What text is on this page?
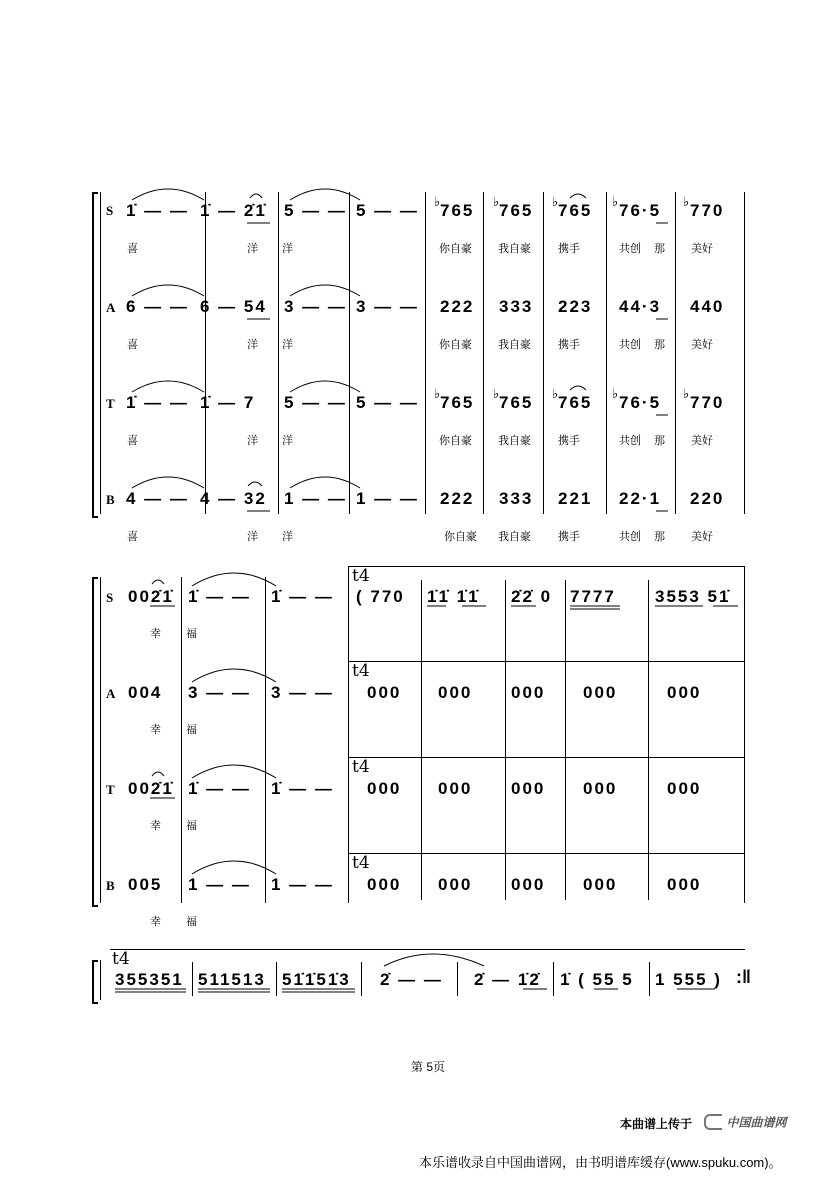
S 1̇ — — 1̇ — 2̇1̇ 5 — — 5 — — ♭ 765 ♭ 765 ♭ 765 ♭ 76·5 ♭ 770
喜	洋 洋	你自豪 我自豪 携手	共创 那 美好
A 6 — — 6 — 54 3 — — 3 — — 222 333 223 44·3 440
喜	洋 洋	你自豪 我自豪 携手	共创 那 美好
T 1̇ — — 1̇ — 7 5 — — 5 — — ♭ 765 ♭ 765 ♭ 765 ♭ 76·5 ♭ 770
喜	洋 洋	你自豪 我自豪 携手	共创 那 美好
B 4 — — 4 — 32 1 — — 1 — — 222 333 221 22·1 220
喜	洋 洋	你自豪 我自豪 携手	共创 那 美好
t4
t4
t4
t4
S 002̇1̇ 1̇ — — 1̇ — — ( 770 1̇1̇ 1̇1̇ 2̇2̇ 0 7777 3553 51̇
幸 福
A 004 3 — — 3 — — 000 000 000 000	000
幸 福
T 002̇1̇ 1̇ — — 1̇ — — 000 000 000 000	000
幸 福
B 005 1 — — 1 — — 000 000 000 000	000
幸 福
t4
355351 511513 51̇1̇51̇3 2̇ — — 2̇ — 1̇2̇ 1̇ ( 55 5 1 555 ) :‖
第 5页
本曲谱上传于	中国曲谱网
本乐谱收录自中国曲谱网，由书明谱库缓存(www.spuku.com)。
